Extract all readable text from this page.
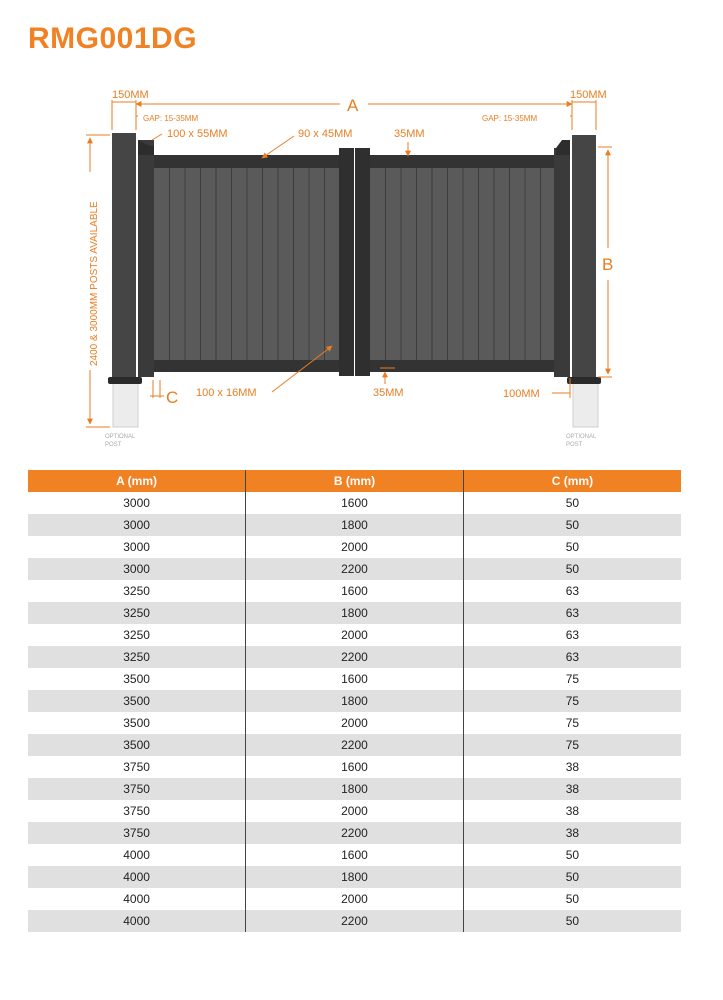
RMG001DG
150MM
A
150MM
GAP: 15-35MM	GAP: 15-35MM
100 x 55MM	90 x 45MM	35MM
B
C 100 x 16MM	35MM	100MM
2400 & 3000MM POSTS AVAILABLE
OPTIONAL POST
OPTIONAL POST
A (mm)	B (mm)	C (mm)
3000	1600	50
3000	1800	50
3000	2000	50
3000	2200	50
3250	1600	63
3250	1800	63
3250	2000	63
3250	2200	63
3500	1600	75
3500	1800	75
3500	2000	75
3500	2200	75
3750	1600	38
3750	1800	38
3750	2000	38
3750	2200	38
4000	1600	50
4000	1800	50
4000	2000	50
4000	2200	50
